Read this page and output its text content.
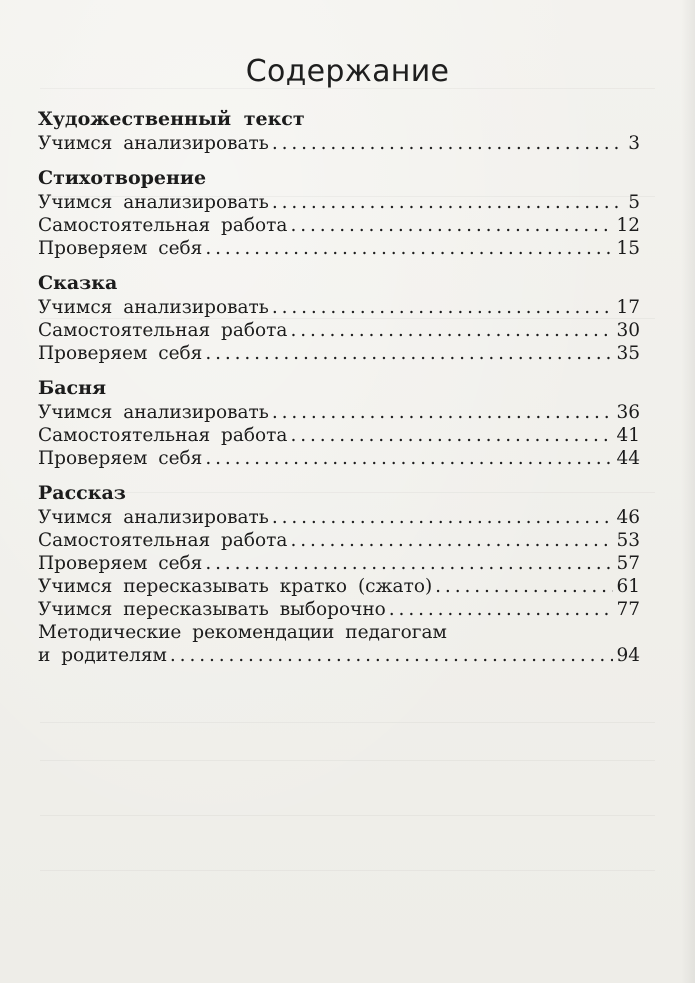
Содержание
Художественный текст
Учимся анализировать . . .	3
Стихотворение
Учимся анализировать . . .	5
Самостоятельная работа . . .	12
Проверяем себя . . .	15
Сказка
Учимся анализировать . . .	17
Самостоятельная работа . . .	30
Проверяем себя . . .	35
Басня
Учимся анализировать . . .	36
Самостоятельная работа . . .	41
Проверяем себя . . .	44
Рассказ
Учимся анализировать . . .	46
Самостоятельная работа . . .	53
Проверяем себя . . .	57
Учимся пересказывать кратко (сжато) . . .	61
Учимся пересказывать выборочно . . .	77
Методические рекомендации педагогам
и родителям . . .	94
